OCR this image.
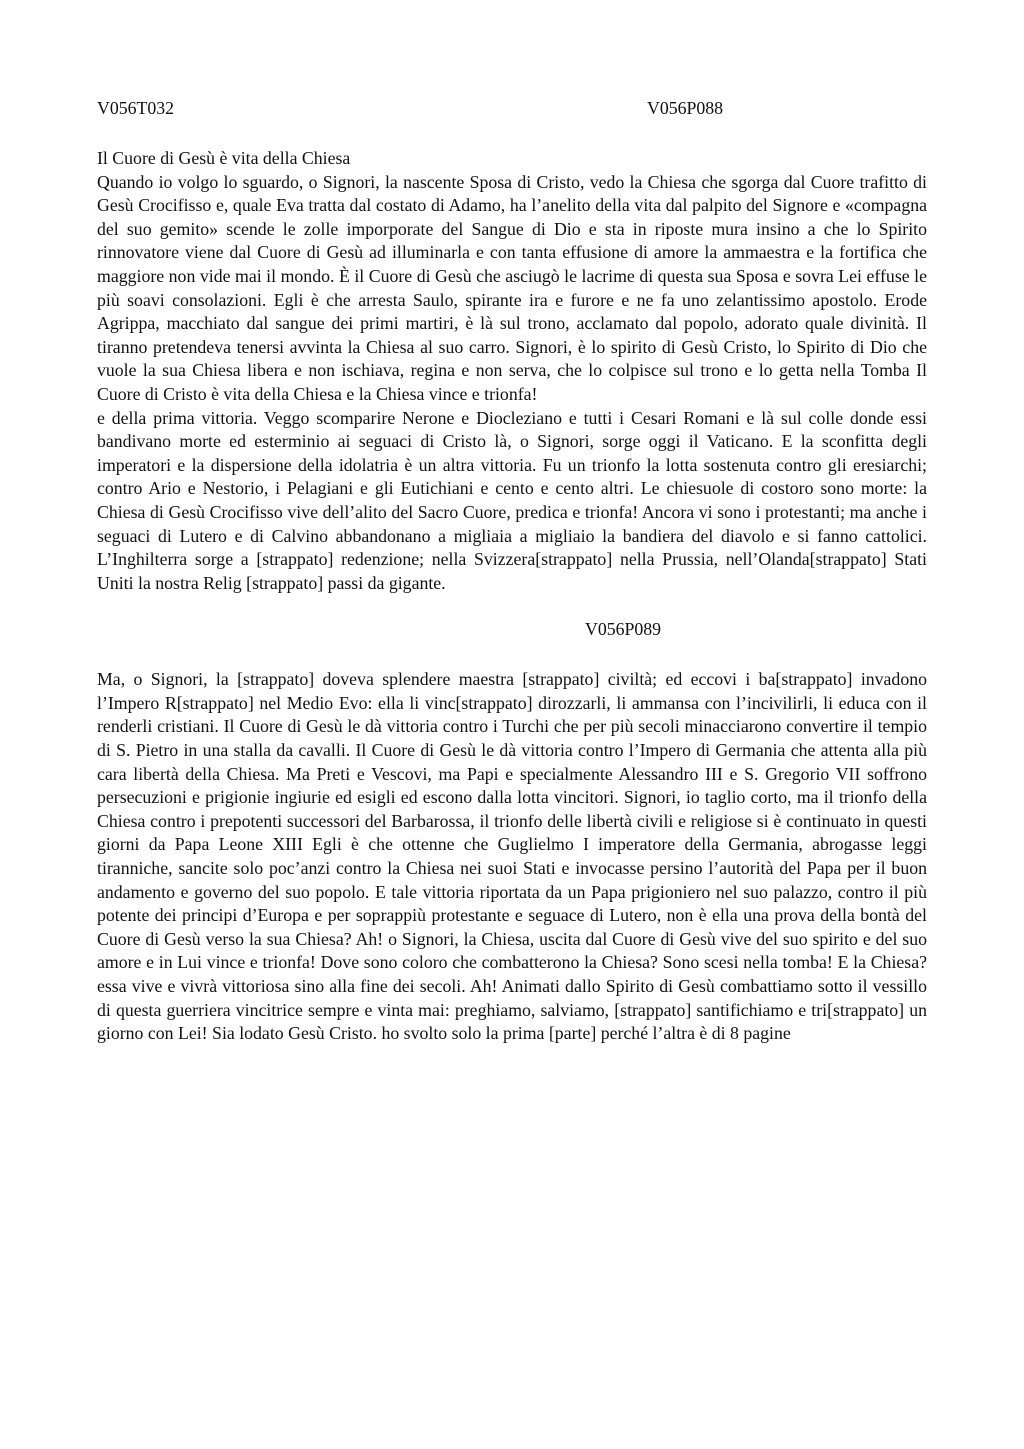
V056T032	V056P088
Il Cuore di Gesù è vita della Chiesa

Quando io volgo lo sguardo, o Signori, la nascente Sposa di Cristo, vedo la Chiesa che sgorga dal Cuore trafitto di Gesù Crocifisso e, quale Eva tratta dal costato di Adamo, ha l’anelito della vita dal palpito del Signore e «compagna del suo gemito» scende le zolle imporporate del Sangue di Dio e sta in riposte mura insino a che lo Spirito rinnovatore viene dal Cuore di Gesù ad illuminarla e con tanta effusione di amore la ammaestra e la fortifica che maggiore non vide mai il mondo. È il Cuore di Gesù che asciugò le lacrime di questa sua Sposa e sovra Lei effuse le più soavi consolazioni. Egli è che arresta Saulo, spirante ira e furore e ne fa uno zelantissimo apostolo. Erode Agrippa, macchiato dal sangue dei primi martiri, è là sul trono, acclamato dal popolo, adorato quale divinità. Il tiranno pretendeva tenersi avvinta la Chiesa al suo carro. Signori, è lo spirito di Gesù Cristo, lo Spirito di Dio che vuole la sua Chiesa libera e non ischiava, regina e non serva, che lo colpisce sul trono e lo getta nella Tomba Il Cuore di Cristo è vita della Chiesa e la Chiesa vince e trionfa!

e della prima vittoria. Veggo scomparire Nerone e Diocleziano e tutti i Cesari Romani e là sul colle donde essi bandivano morte ed esterminio ai seguaci di Cristo là, o Signori, sorge oggi il Vaticano. E la sconfitta degli imperatori e la dispersione della idolatria è un altra vittoria. Fu un trionfo la lotta sostenuta contro gli eresiarchi; contro Ario e Nestorio, i Pelagiani e gli Eutichiani e cento e cento altri. Le chiesuole di costoro sono morte: la Chiesa di Gesù Crocifisso vive dell’alito del Sacro Cuore, predica e trionfa! Ancora vi sono i protestanti; ma anche i seguaci di Lutero e di Calvino abbandonano a migliaia a migliaio la bandiera del diavolo e si fanno cattolici. L’Inghilterra sorge a [strappato] redenzione; nella Svizzera[strappato] nella Prussia, nell’Olanda[strappato] Stati Uniti la nostra Relig [strappato] passi da gigante.

V056P089

Ma, o Signori, la [strappato] doveva splendere maestra [strappato] civiltà; ed eccovi i ba[strappato] invadono l’Impero R[strappato] nel Medio Evo: ella li vinc[strappato] dirozzarli, li ammansa con l’incivilirli, li educa con il renderli cristiani. Il Cuore di Gesù le dà vittoria contro i Turchi che per più secoli minacciarono convertire il tempio di S. Pietro in una stalla da cavalli. Il Cuore di Gesù le dà vittoria contro l’Impero di Germania che attenta alla più cara libertà della Chiesa. Ma Preti e Vescovi, ma Papi e specialmente Alessandro III e S. Gregorio VII soffrono persecuzioni e prigionie ingiurie ed esigli ed escono dalla lotta vincitori. Signori, io taglio corto, ma il trionfo della Chiesa contro i prepotenti successori del Barbarossa, il trionfo delle libertà civili e religiose si è continuato in questi giorni da Papa Leone XIII Egli è che ottenne che Guglielmo I imperatore della Germania, abrogasse leggi tiranniche, sancite solo poc’anzi contro la Chiesa nei suoi Stati e invocasse persino l’autorità del Papa per il buon andamento e governo del suo popolo. E tale vittoria riportata da un Papa prigioniero nel suo palazzo, contro il più potente dei principi d’Europa e per soprappiù protestante e seguace di Lutero, non è ella una prova della bontà del Cuore di Gesù verso la sua Chiesa? Ah! o Signori, la Chiesa, uscita dal Cuore di Gesù vive del suo spirito e del suo amore e in Lui vince e trionfa! Dove sono coloro che combatterono la Chiesa? Sono scesi nella tomba! E la Chiesa? essa vive e vivrà vittoriosa sino alla fine dei secoli. Ah! Animati dallo Spirito di Gesù combattiamo sotto il vessillo di questa guerriera vincitrice sempre e vinta mai: preghiamo, salviamo, [strappato] santifichiamo e tri[strappato] un giorno con Lei! Sia lodato Gesù Cristo. ho svolto solo la prima [parte] perché l’altra è di 8 pagine
